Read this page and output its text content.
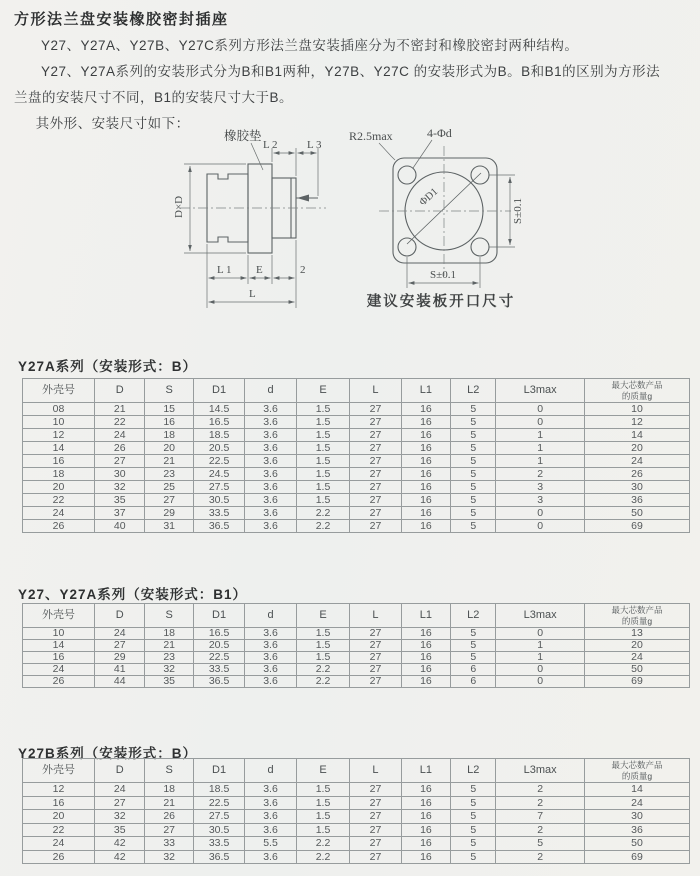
方形法兰盘安装橡胶密封插座

Y27、Y27A、Y27B、Y27C系列方形法兰盘安装插座分为不密封和橡胶密封两种结构。

Y27、Y27A系列的安装形式分为B和B1两种，Y27B、Y27C 的安装形式为B。B和B1的区别为方形法兰盘的安装尺寸不同，B1的安装尺寸大于B。

其外形、安装尺寸如下：

橡胶垫
L 2	L 3
D×D
L 1 E	2
L
R2.5max	4-Φd
ΦD1
S±0.1
S±0.1
建议安装板开口尺寸
Y27A系列（安装形式：B）
外壳号	D	S	D1	d	E	L	L1	L2	L3max	最大芯数产品的质量g
08	21	15	14.5	3.6	1.5	27	16	5	0	10
10	22	16	16.5	3.6	1.5	27	16	5	0	12
12	24	18	18.5	3.6	1.5	27	16	5	1	14
14	26	20	20.5	3.6	1.5	27	16	5	1	20
16	27	21	22.5	3.6	1.5	27	16	5	1	24
18	30	23	24.5	3.6	1.5	27	16	5	2	26
20	32	25	27.5	3.6	1.5	27	16	5	3	30
22	35	27	30.5	3.6	1.5	27	16	5	3	36
24	37	29	33.5	3.6	2.2	27	16	5	0	50
26	40	31	36.5	3.6	2.2	27	16	5	0	69
Y27、Y27A系列（安装形式：B1）
外壳号	D	S	D1	d	E	L	L1	L2	L3max	最大芯数产品的质量g
10	24	18	16.5	3.6	1.5	27	16	5	0	13
14	27	21	20.5	3.6	1.5	27	16	5	1	20
16	29	23	22.5	3.6	1.5	27	16	5	1	24
24	41	32	33.5	3.6	2.2	27	16	6	0	50
26	44	35	36.5	3.6	2.2	27	16	6	0	69
Y27B系列（安装形式：B）
外壳号	D	S	D1	d	E	L	L1	L2	L3max	最大芯数产品的质量g
12	24	18	18.5	3.6	1.5	27	16	5	2	14
16	27	21	22.5	3.6	1.5	27	16	5	2	24
20	32	26	27.5	3.6	1.5	27	16	5	7	30
22	35	27	30.5	3.6	1.5	27	16	5	2	36
24	42	33	33.5	5.5	2.2	27	16	5	5	50
26	42	32	36.5	3.6	2.2	27	16	5	2	69
